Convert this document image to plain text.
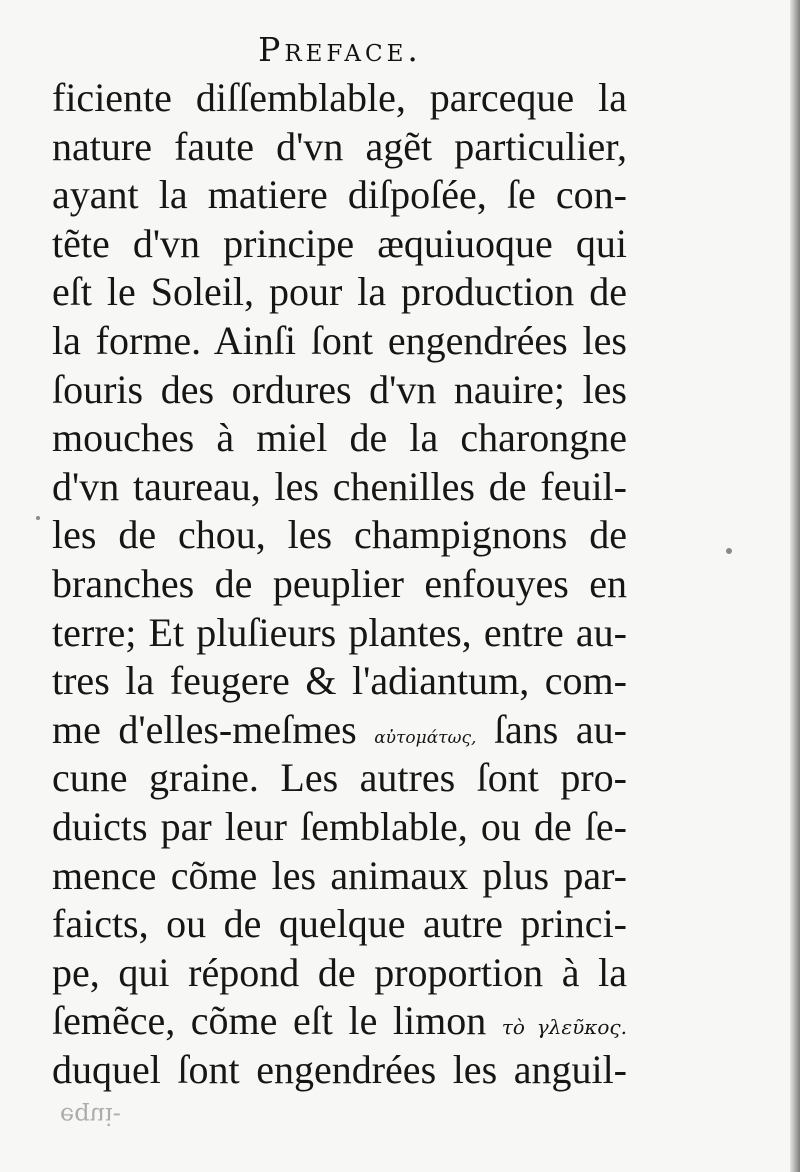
Preface.
ficiente diſſemblable, parceque la
nature faute d'vn agẽt particulier,
ayant la matiere diſpoſée, ſe con-
tẽte d'vn principe æquiuoque qui
eſt le Soleil, pour la production de
la forme. Ainſi ſont engendrées les
ſouris des ordures d'vn nauire; les
mouches à miel de la charongne
d'vn taureau, les chenilles de feuil-
les de chou, les champignons de
branches de peuplier enfouyes en
terre; Et pluſieurs plantes, entre au-
tres la feugere & l'adiantum, com-
me d'elles-meſmes αὐτομάτως, ſans au-
cune graine. Les autres ſont pro-
duicts par leur ſemblable, ou de ſe-
mence cõme les animaux plus par-
faicts, ou de quelque autre princi-
pe, qui répond de proportion à la
ſemẽce, cõme eſt le limon τὸ γλεῦκος.
duquel ſont engendrées les anguil-
equi-
